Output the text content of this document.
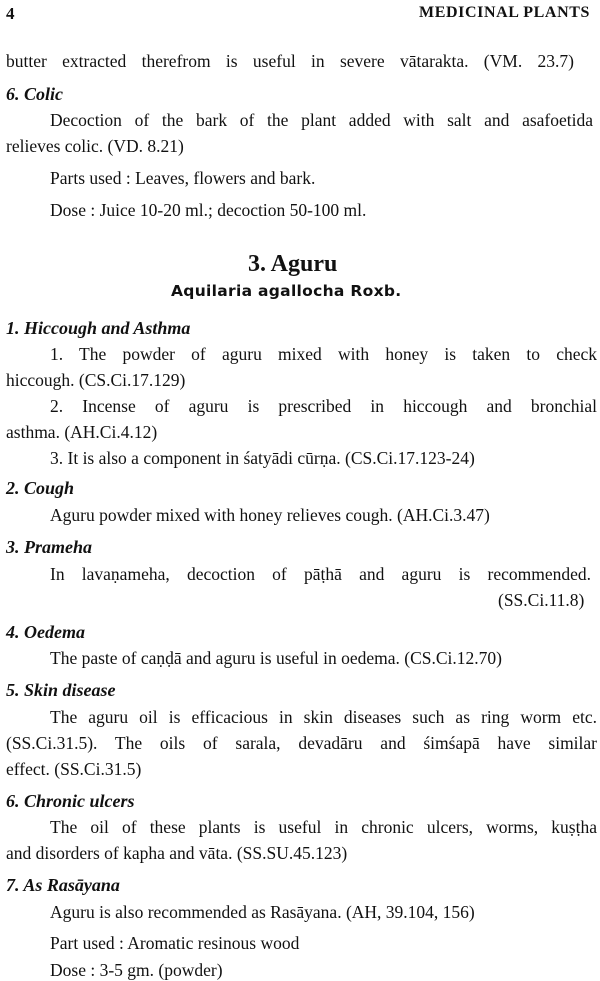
4	MEDICINAL PLANTS
butter extracted therefrom is useful in severe vātarakta. (VM. 23.7)
6. Colic
Decoction of the bark of the plant added with salt and asafoetida
relieves colic. (VD. 8.21)
Parts used : Leaves, flowers and bark.
Dose : Juice 10-20 ml.; decoction 50-100 ml.
3. Aguru
Aquilaria agallocha Roxb.
1. Hiccough and Asthma
1. The powder of aguru mixed with honey is taken to check
hiccough. (CS.Ci.17.129)
2. Incense of aguru is prescribed in hiccough and bronchial
asthma. (AH.Ci.4.12)
3. It is also a component in śatyādi cūrṇa. (CS.Ci.17.123-24)
2. Cough
Aguru powder mixed with honey relieves cough. (AH.Ci.3.47)
3. Prameha
In lavaṇameha, decoction of pāṭhā and aguru is recommended.
(SS.Ci.11.8)
4. Oedema
The paste of caṇḍā and aguru is useful in oedema. (CS.Ci.12.70)
5. Skin disease
The aguru oil is efficacious in skin diseases such as ring worm etc.
(SS.Ci.31.5). The oils of sarala, devadāru and śimśapā have similar
effect. (SS.Ci.31.5)
6. Chronic ulcers
The oil of these plants is useful in chronic ulcers, worms, kuṣṭha
and disorders of kapha and vāta. (SS.SU.45.123)
7. As Rasāyana
Aguru is also recommended as Rasāyana. (AH, 39.104, 156)
Part used : Aromatic resinous wood
Dose : 3-5 gm. (powder)
